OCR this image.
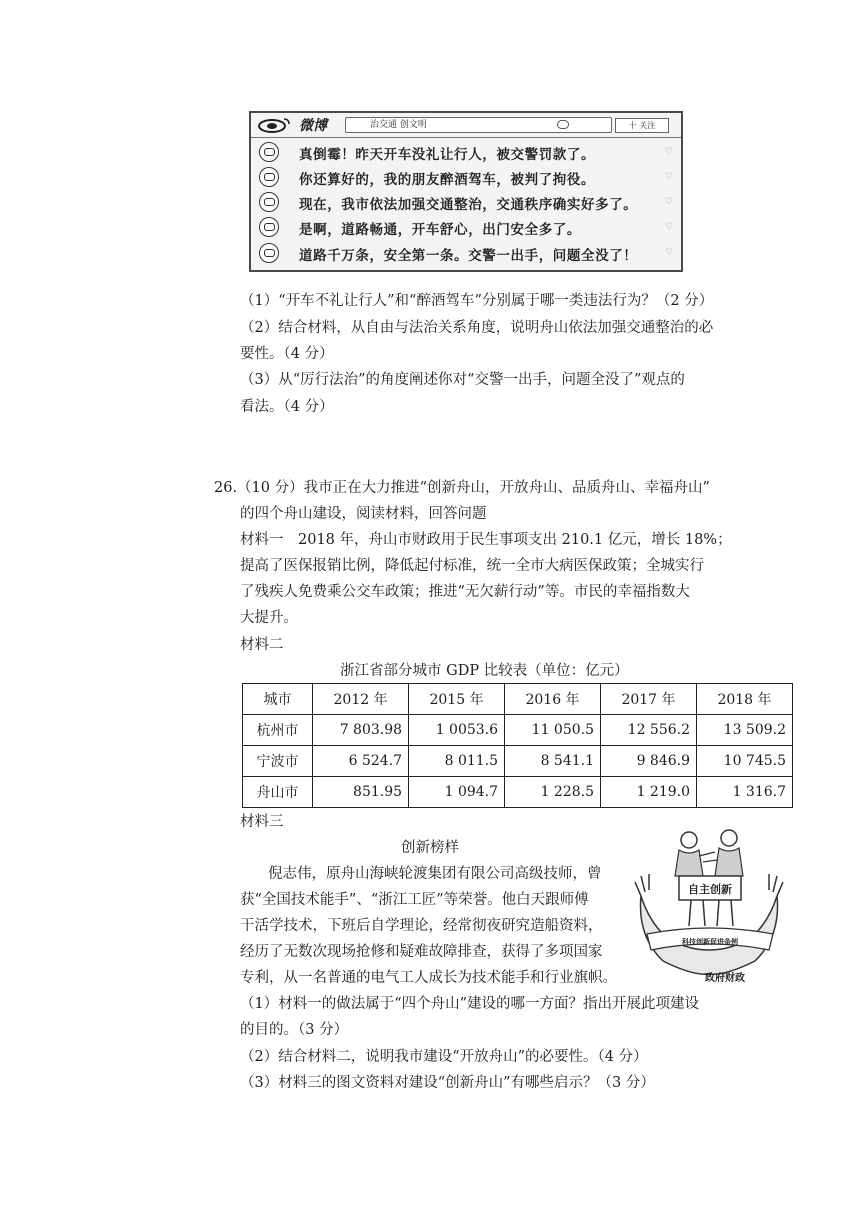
微博	治交通 创文明	十 关注
真倒霉！昨天开车没礼让行人，被交警罚款了。	♡
你还算好的，我的朋友醉酒驾车，被判了拘役。	♡
现在，我市依法加强交通整治，交通秩序确实好多了。	♡
是啊，道路畅通，开车舒心，出门安全多了。	♡
道路千万条，安全第一条。交警一出手，问题全没了！	♡
（1）“开车不礼让行人”和“醉酒驾车”分别属于哪一类违法行为？（2 分）
（2）结合材料，从自由与法治关系角度，说明舟山依法加强交通整治的必
要性。（4 分）
（3）从“厉行法治”的角度阐述你对“交警一出手，问题全没了”观点的
看法。（4 分）
26.（10 分）我市正在大力推进“创新舟山，开放舟山、品质舟山、幸福舟山”
的四个舟山建设，阅读材料，回答问题
材料一　2018 年，舟山市财政用于民生事项支出 210.1 亿元，增长 18%；
提高了医保报销比例，降低起付标准，统一全市大病医保政策；全城实行
了残疾人免费乘公交车政策；推进“无欠薪行动”等。市民的幸福指数大
大提升。
材料二
浙江省部分城市 GDP 比较表（单位：亿元）
城市	2012 年	2015 年	2016 年	2017 年	2018 年
杭州市	7 803.98	1 0053.6	11 050.5	12 556.2	13 509.2
宁波市	6 524.7	8 011.5	8 541.1	9 846.9	10 745.5
舟山市	851.95	1 094.7	1 228.5	1 219.0	1 316.7
材料三
创新榜样
倪志伟，原舟山海峡轮渡集团有限公司高级技师，曾
获“全国技术能手”、“浙江工匠”等荣誉。他白天跟师傅
干活学技术，下班后自学理论，经常彻夜研究造船资料，
经历了无数次现场抢修和疑难故障排查，获得了多项国家
专利，从一名普通的电气工人成长为技术能手和行业旗帜。
自主创新
科技创新促进条例
政府财政
（1）材料一的做法属于“四个舟山”建设的哪一方面？指出开展此项建设
的目的。（3 分）
（2）结合材料二，说明我市建设“开放舟山”的必要性。（4 分）
（3）材料三的图文资料对建设“创新舟山”有哪些启示？（3 分）
